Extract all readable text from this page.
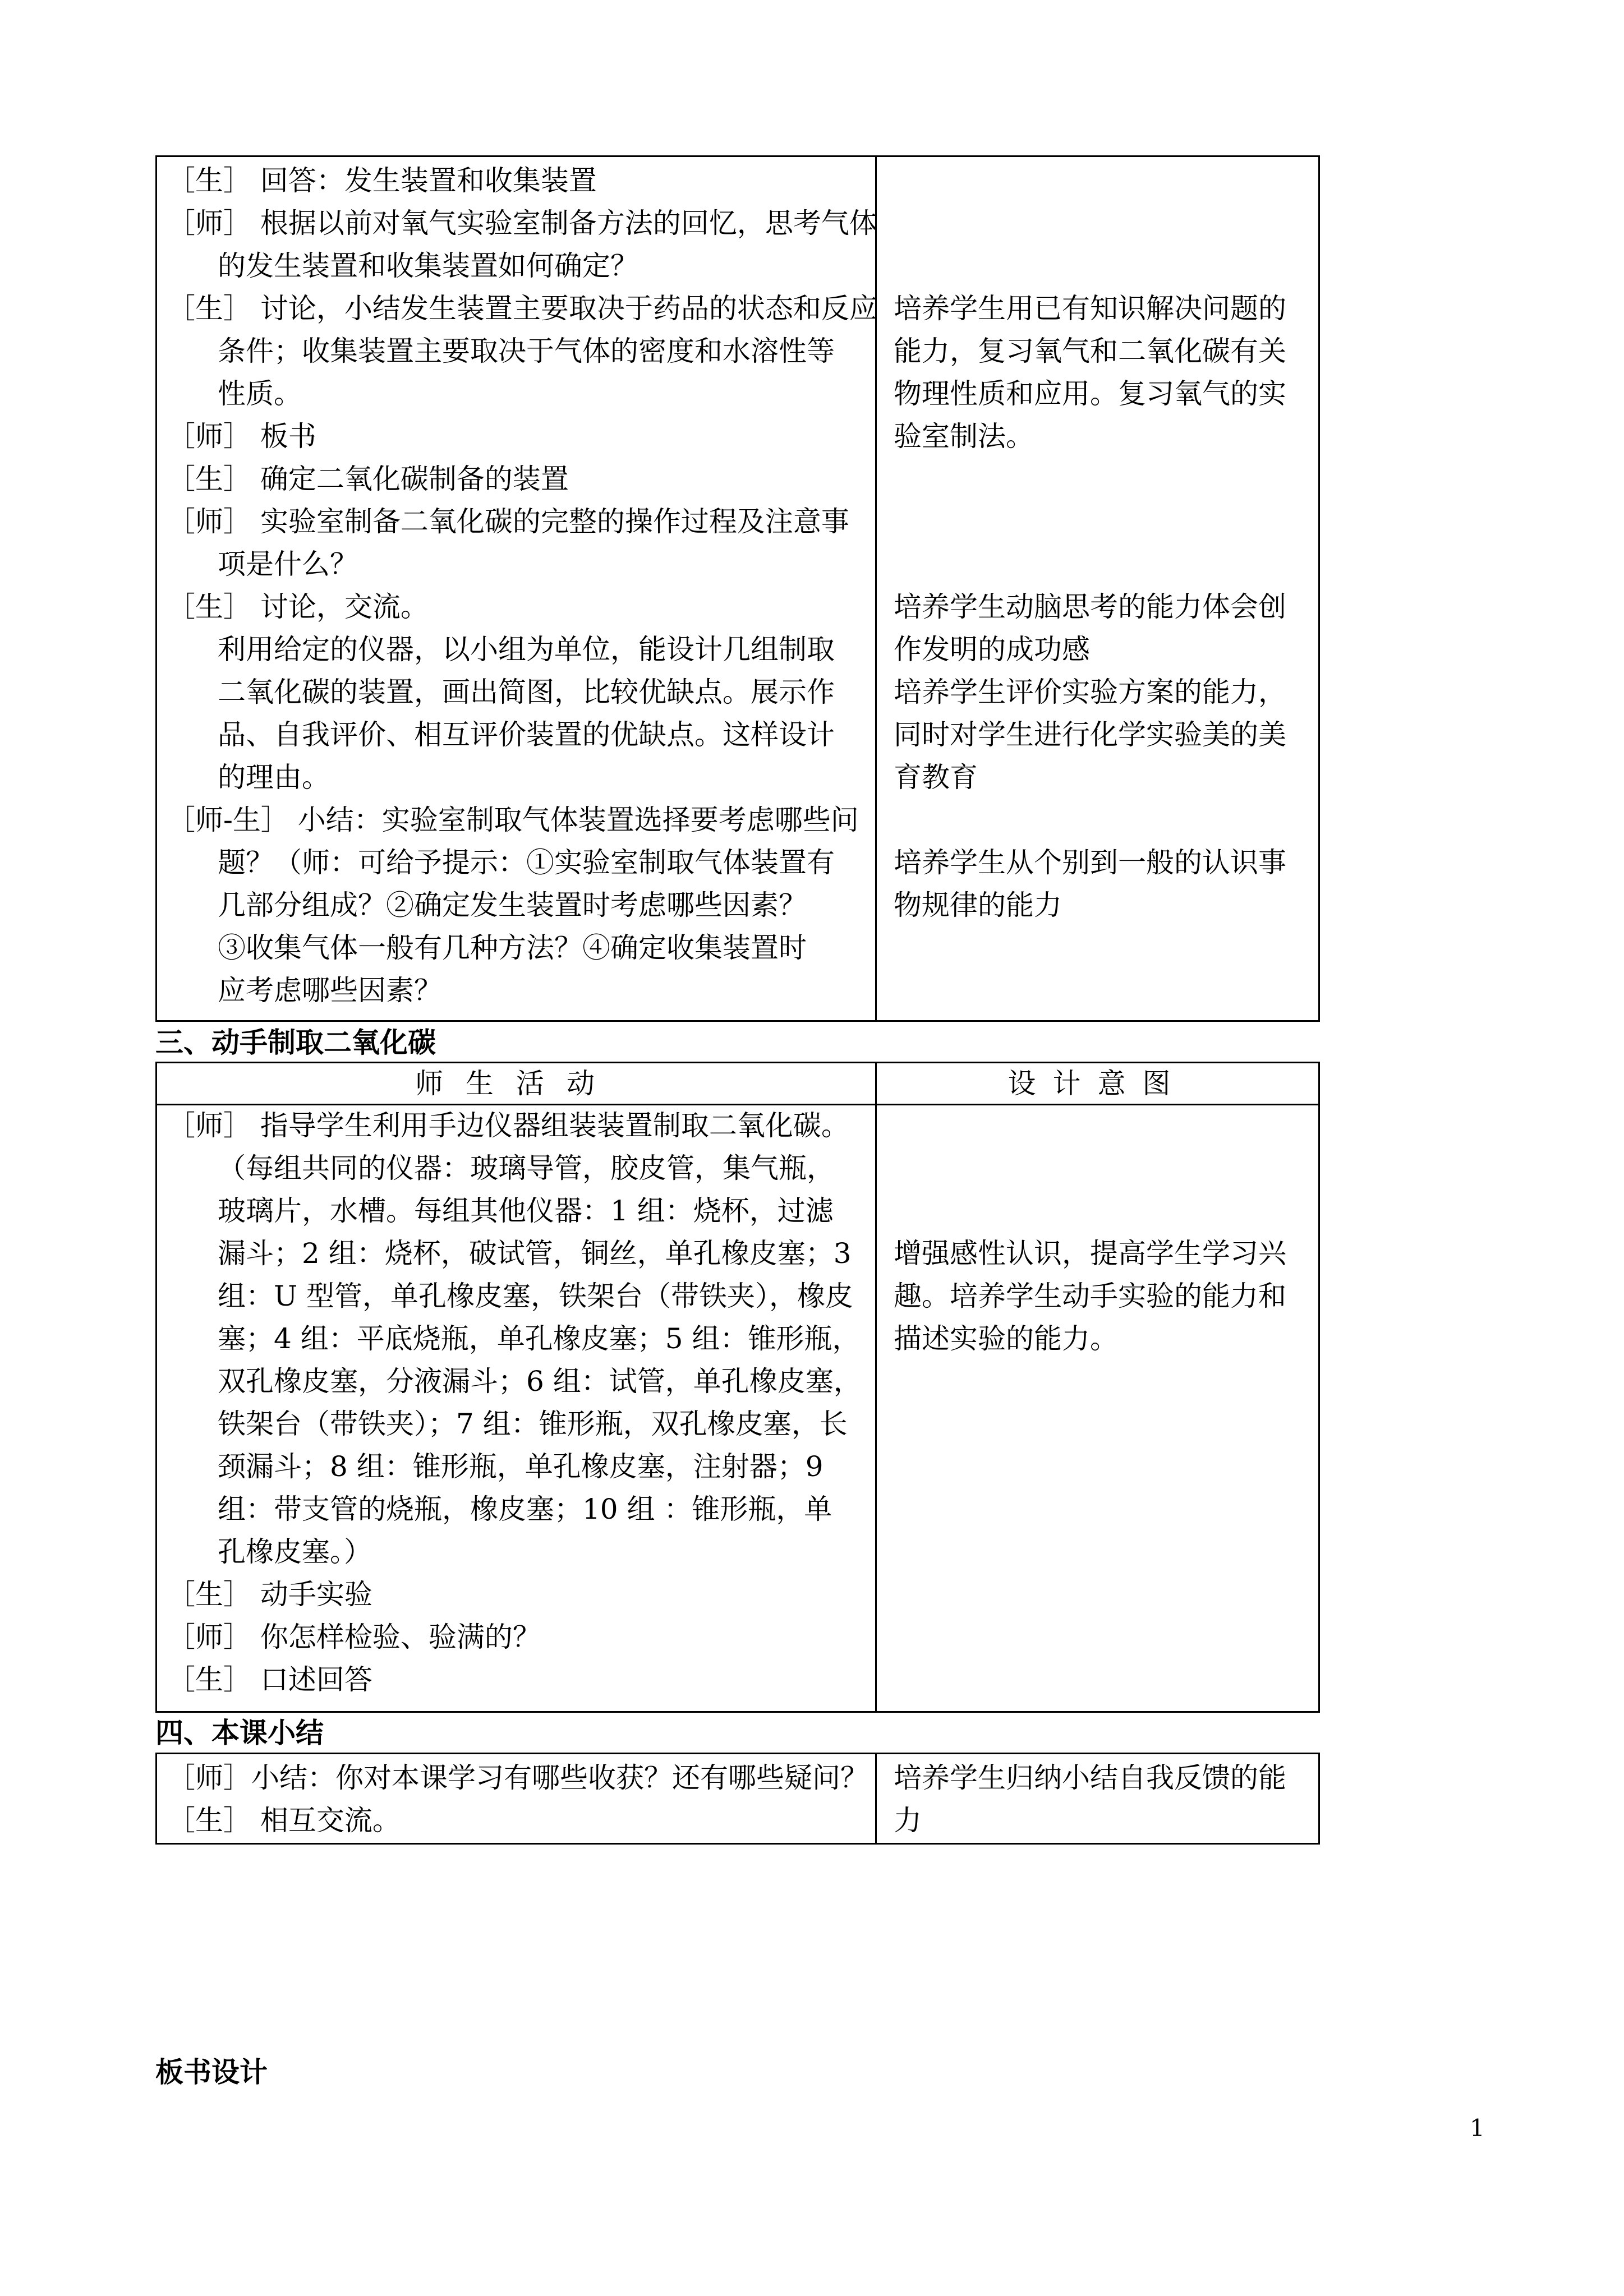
［生］ 回答：发生装置和收集装置
［师］ 根据以前对氧气实验室制备方法的回忆，思考气体
的发生装置和收集装置如何确定？
［生］ 讨论，小结发生装置主要取决于药品的状态和反应
条件；收集装置主要取决于气体的密度和水溶性等
性质。
［师］ 板书
［生］ 确定二氧化碳制备的装置
［师］ 实验室制备二氧化碳的完整的操作过程及注意事
项是什么？
［生］ 讨论，交流。
利用给定的仪器，以小组为单位，能设计几组制取
二氧化碳的装置，画出简图，比较优缺点。展示作
品、自我评价、相互评价装置的优缺点。这样设计
的理由。
［师-生］ 小结：实验室制取气体装置选择要考虑哪些问
题？（师：可给予提示：①实验室制取气体装置有
几部分组成？②确定发生装置时考虑哪些因素？
③收集气体一般有几种方法？④确定收集装置时
应考虑哪些因素？
培养学生用已有知识解决问题的
能力，复习氧气和二氧化碳有关
物理性质和应用。复习氧气的实
验室制法。
培养学生动脑思考的能力体会创
作发明的成功感
培养学生评价实验方案的能力，
同时对学生进行化学实验美的美
育教育
培养学生从个别到一般的认识事
物规律的能力
三、动手制取二氧化碳
师生活动	设计意图
［师］ 指导学生利用手边仪器组装装置制取二氧化碳。
（每组共同的仪器：玻璃导管，胶皮管，集气瓶，
玻璃片，水槽。每组其他仪器：1 组：烧杯，过滤
漏斗；2 组：烧杯，破试管，铜丝，单孔橡皮塞；3
组：U 型管，单孔橡皮塞，铁架台（带铁夹），橡皮
塞；4 组：平底烧瓶，单孔橡皮塞；5 组：锥形瓶，
双孔橡皮塞，分液漏斗；6 组：试管，单孔橡皮塞，
铁架台（带铁夹）；7 组：锥形瓶，双孔橡皮塞，长
颈漏斗；8 组：锥形瓶，单孔橡皮塞，注射器；9
组：带支管的烧瓶，橡皮塞；10 组 ：锥形瓶，单
孔橡皮塞。）
［生］ 动手实验
［师］ 你怎样检验、验满的？
［生］ 口述回答
增强感性认识，提高学生学习兴
趣。培养学生动手实验的能力和
描述实验的能力。
四、本课小结
［师］小结：你对本课学习有哪些收获？还有哪些疑问？
［生］ 相互交流。
培养学生归纳小结自我反馈的能
力
板书设计
1
